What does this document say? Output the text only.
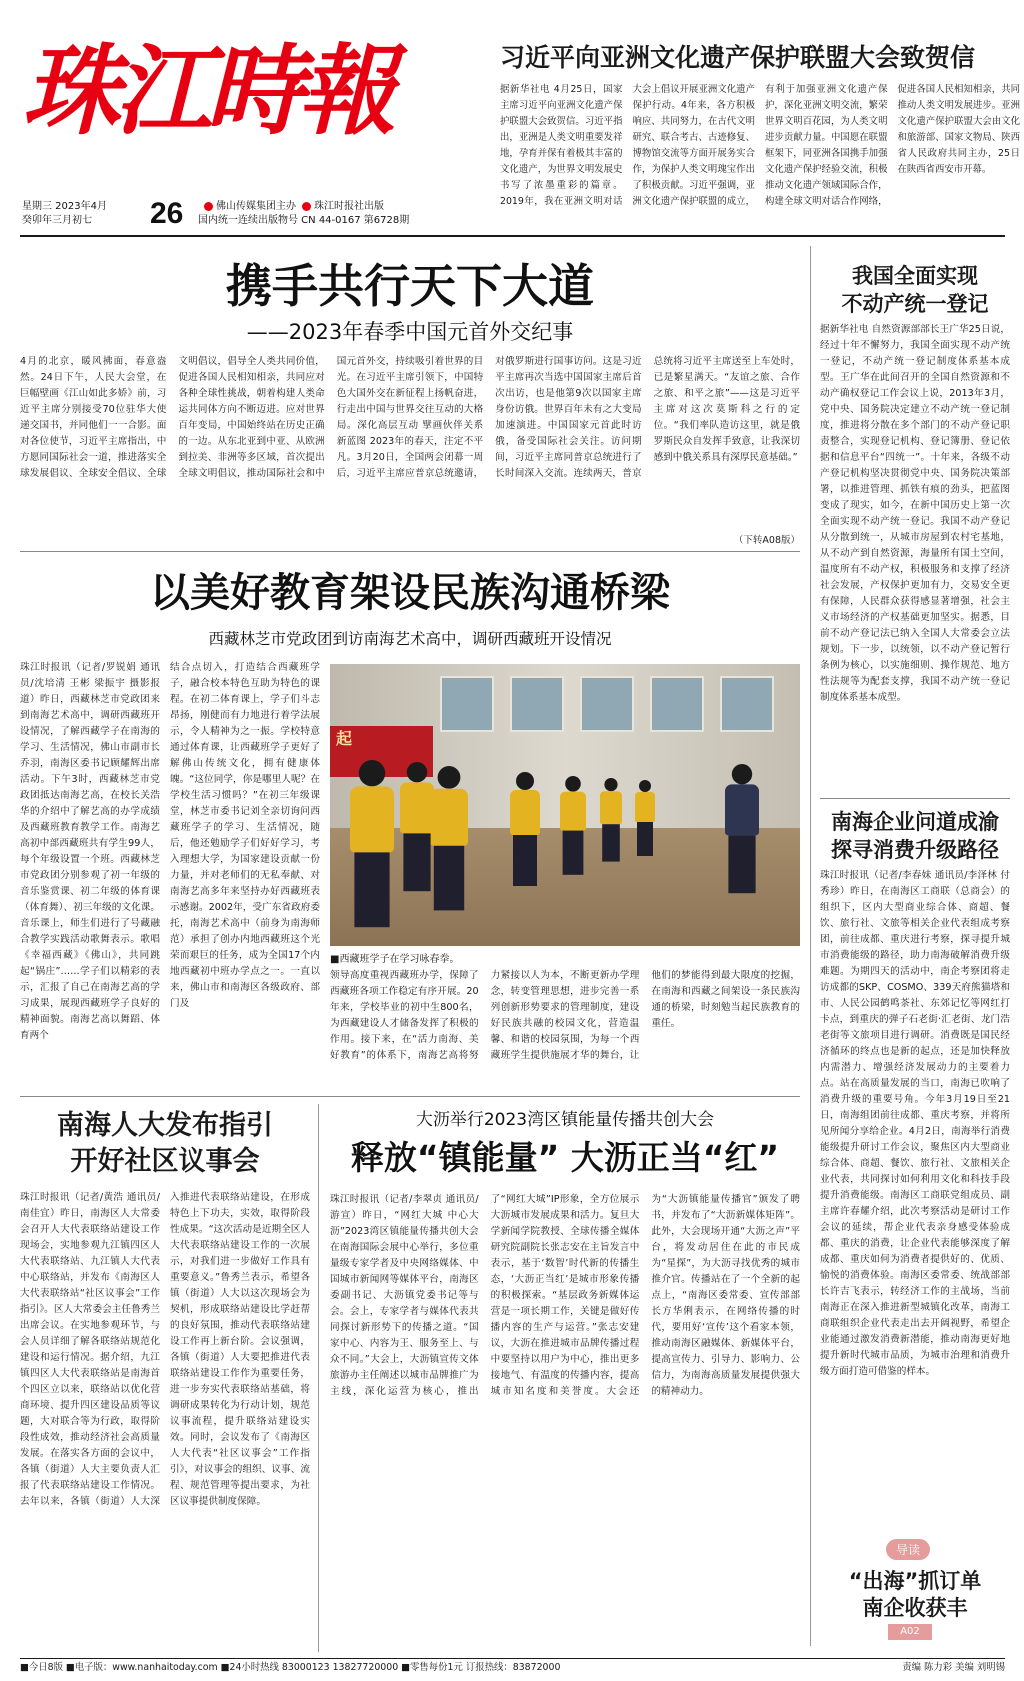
珠江時報
星期三 2023年4月
癸卯年三月初七	26	佛山传媒集团主办 珠江时报社出版
国内统一连续出版物号 CN 44-0167 第6728期
习近平向亚洲文化遗产保护联盟大会致贺信
据新华社电 4月25日，国家主席习近平向亚洲文化遗产保护联盟大会致贺信。习近平指出，亚洲是人类文明重要发祥地，孕育并保有着极其丰富的文化遗产，为世界文明发展史书写了浓墨重彩的篇章。2019年，我在亚洲文明对话大会上倡议开展亚洲文化遗产保护行动。4年来，各方积极响应、共同努力，在古代文明研究、联合考古、古迹修复、博物馆交流等方面开展务实合作，为保护人类文明瑰宝作出了积极贡献。习近平强调，亚洲文化遗产保护联盟的成立，有利于加强亚洲文化遗产保护，深化亚洲文明交流，繁荣世界文明百花园，为人类文明进步贡献力量。中国愿在联盟框架下，同亚洲各国携手加强文化遗产保护经验交流，积极推动文化遗产领域国际合作，构建全球文明对话合作网络，促进各国人民相知相亲，共同推动人类文明发展进步。亚洲文化遗产保护联盟大会由文化和旅游部、国家文物局、陕西省人民政府共同主办，25日在陕西省西安市开幕。
携手共行天下大道
——2023年春季中国元首外交纪事
4月的北京，暖风拂面，春意盎然。24日下午，人民大会堂，在巨幅壁画《江山如此多娇》前，习近平主席分别接受70位驻华大使递交国书，并同他们一一合影。面对各位使节，习近平主席指出，中方愿同国际社会一道，推进落实全球发展倡议、全球安全倡议、全球文明倡议，倡导全人类共同价值，促进各国人民相知相亲，共同应对各种全球性挑战，朝着构建人类命运共同体方向不断迈进。应对世界百年变局，中国始终站在历史正确的一边。从东北亚到中亚、从欧洲到拉美、非洲等多区域，首次提出全球文明倡议，推动国际社会和中国元首外交，持续吸引着世界的目光。在习近平主席引领下，中国特色大国外交在新征程上扬帆奋进，行走出中国与世界交往互动的大格局。深化高层互动 擘画伙伴关系新蓝图 2023年的春天，注定不平凡。3月20日，全国两会闭幕一周后，习近平主席应普京总统邀请，对俄罗斯进行国事访问。这是习近平主席再次当选中国国家主席后首次出访，也是他第9次以国家主席身份访俄。世界百年未有之大变局加速演进。中国国家元首此时访俄，备受国际社会关注。访问期间，习近平主席同普京总统进行了长时间深入交流。连续两天，普京总统将习近平主席送至上车处时，已是繁星满天。“友谊之旅、合作之旅、和平之旅”——这是习近平主席对这次莫斯科之行的定位。“我们率队造访这里，就是俄罗斯民众自发挥手致意，让我深切感到中俄关系具有深厚民意基础。”
（下转A08版）
以美好教育架设民族沟通桥梁
西藏林芝市党政团到访南海艺术高中，调研西藏班开设情况
珠江时报讯（记者/罗锐娟 通讯员/沈培清 王彬 梁振宇 摄影报道）昨日，西藏林芝市党政团来到南海艺术高中，调研西藏班开设情况，了解西藏学子在南海的学习、生活情况，佛山市副市长乔羽，南海区委书记顾耀辉出席活动。下午3时，西藏林芝市党政团抵达南海艺高，在校长关浩华的介绍中了解艺高的办学成绩及西藏班教育教学工作。南海艺高初中部西藏班共有学生99人，每个年级设置一个班。西藏林芝市党政团分别参观了初一年级的音乐鉴赏课、初二年级的体育课（体育舞）、初三年级的文化课。音乐课上，师生们进行了号藏融合教学实践活动歌舞表示。歌唱《幸福西藏》《佛山》，共同跳起“锅庄”……学子们以精彩的表示，汇报了自己在南海艺高的学习成果，展现西藏班学子良好的精神面貌。南海艺高以舞蹈、体育两个
结合点切入，打造结合西藏班学子，融合校本特色互助为特色的课程。在初二体育课上，学子们斗志昂扬，刚健而有力地进行着学法展示，令人精神为之一振。学校特意通过体育课，让西藏班学子更好了解佛山传统文化，拥有健康体魄。“这位同学，你是哪里人呢？在学校生活习惯吗？”在初三年级课堂，林芝市委书记刘全亲切询问西藏班学子的学习、生活情况，随后，他还勉励学子们好好学习，考入理想大学，为国家建设贡献一份力量，并对老师们的无私奉献、对南海艺高多年来坚持办好西藏班表示感谢。2002年，受广东省政府委托，南海艺术高中（前身为南海师范）承担了创办内地西藏班这个光荣而艰巨的任务，成为全国17个内地西藏初中班办学点之一。一直以来，佛山市和南海区各级政府、部门及
起
■西藏班学子在学习咏春拳。
领导高度重视西藏班办学，保障了西藏班各项工作稳定有序开展。20年来，学校毕业的初中生800名，为西藏建设人才储备发挥了积极的作用。接下来，在“活力南海、美好教育”的体系下，南海艺高将努力紧接以人为本，不断更新办学理念，转变管理思想，进步完善一系列创新形势要求的管理制度，建设好民族共融的校园文化，营造温馨、和谐的校园氛围，为每一个西藏班学生提供施展才华的舞台，让他们的梦能得到最大限度的挖掘，在南海和西藏之间架设一条民族沟通的桥梁，时刻勉当起民族教育的重任。
我国全面实现
不动产统一登记
据新华社电 自然资源部部长王广华25日说，经过十年不懈努力，我国全面实现不动产统一登记，不动产统一登记制度体系基本成型。王广华在此间召开的全国自然资源和不动产确权登记工作会议上说，2013年3月，党中央、国务院决定建立不动产统一登记制度，推进将分散在多个部门的不动产登记职责整合，实现登记机构、登记簿册、登记依据和信息平台“四统一”。十年来，各级不动产登记机构坚决贯彻党中央、国务院决策部署，以推进管理、抓铁有痕的劲头，把蓝图变成了现实，如今，在新中国历史上第一次全面实现不动产统一登记。我国不动产登记从分散到统一，从城市房屋到农村宅基地，从不动产到自然资源，海量所有国土空间，温度所有不动产权，积极服务和支撑了经济社会发展，产权保护更加有力，交易安全更有保障，人民群众获得感显著增强，社会主义市场经济的产权基础更加坚实。据悉，目前不动产登记法已纳入全国人大常委会立法规划。下一步，以统领，以不动产登记暂行条例为核心，以实施细则、操作规范、地方性法规等为配套支撑，我国不动产统一登记制度体系基本成型。
南海企业问道成渝
探寻消费升级路径
珠江时报讯（记者/李春妹 通讯员/李泽林 付秀珍）昨日，在南海区工商联（总商会）的组织下，区内大型商业综合体、商超、餐饮、旅行社、文旅等相关企业代表组成考察团，前往成都、重庆进行考察，探寻提升城市消费能级的路径，助力南海破解消费升级难题。为期四天的活动中，南企考察团将走访成都的SKP、COSMO、339天府熊猫塔和市、人民公园鹤鸣茶社、东郊记忆等网红打卡点，到重庆的弹子石老街·汇老街、龙门浩老街等文旅项目进行调研。消费既是国民经济循环的终点也是新的起点，还是加快释放内需潜力、增强经济发展动力的主要着力点。站在高质量发展的当口，南海已吹响了消费升级的重要号角。今年3月19日至21日，南海组团前往成都、重庆考察，并将所见所闻分享给企业。4月2日，南海举行消费能级提升研讨工作会议，聚焦区内大型商业综合体、商超、餐饮、旅行社、文旅相关企业代表，共同探讨如何利用文化和科技手段提升消费能级。南海区工商联党组成员、副主席许春耀介绍，此次考察活动是研讨工作会议的延续，帮企业代表亲身感受体验成都、重庆的消费，让企业代表能够深度了解成都、重庆如何为消费者提供好的、优质、愉悦的消费体验。南海区委常委、统战部部长许吉飞表示，转经济工作的主战场，当前南海正在深入推进新型城镇化改革，南海工商联组织企业代表走出去开阔视野，希望企业能通过激发消费新潜能，推动南海更好地提升新时代城市品质，为城市治理和消费升级方面打造可借鉴的样本。
导读
“出海”抓订单
南企收获丰
A02
南海人大发布指引
开好社区议事会
珠江时报讯（记者/黄浩 通讯员/南佳宜）昨日，南海区人大常委会召开人大代表联络站建设工作现场会，实地参观九江镇四区人大代表联络站、九江镇人大代表中心联络站，并发布《南海区人大代表联络站“社区议事会”工作指引》。区人大常委会主任鲁秀兰出席会议。在实地参观环节，与会人员详细了解各联络站规范化建设和运行情况。据介绍，九江镇四区人大代表联络站是南海首个四区立以来，联络站以优化营商环境、提升四区建设品质等议题，大对联合等为行政，取得阶段性成效，推动经济社会高质量发展。在落实各方面的会议中，各镇（街道）人大主要负责人汇报了代表联络站建设工作情况。去年以来，各镇（街道）人大深入推进代表联络站建设，在形成特色上下功夫，实效，取得阶段性成果。“这次活动是近期全区人大代表联络站建设工作的一次展示，对我们进一步做好工作具有重要意义。”鲁秀兰表示，希望各镇（街道）人大以这次现场会为契机，形成联络站建设比学赶帮的良好氛围，推动代表联络站建设工作再上新台阶。会议强调，各镇（街道）人大要把推进代表联络站建设工作作为重要任务，进一步夯实代表联络站基础，将调研成果转化为行动计划，规范议事流程，提升联络站建设实效。同时，会议发布了《南海区人大代表“社区议事会”工作指引》，对议事会的组织、议事、流程、规范管理等提出要求，为社区议事提供制度保障。
大沥举行2023湾区镇能量传播共创大会
释放“镇能量” 大沥正当“红”
珠江时报讯（记者/李翠贞 通讯员/游宣）昨日，“网红大城 中心大沥”2023湾区镇能量传播共创大会在南海国际会展中心举行，多位重量级专家学者及中央网络媒体、中国城市新闻网等媒体平台，南海区委副书记、大沥镇党委书记等与会。会上，专家学者与媒体代表共同探讨新形势下的传播之道。“国家中心、内容为王、服务至上、与众不同。”大会上，大沥镇宣传文体旅游办主任阐述以城市品牌推广为主线，深化运营为核心，推出了“网红大城”IP形象，全方位展示大沥城市发展成果和活力。复旦大学新闻学院教授、全球传播全媒体研究院副院长张志安在主旨发言中表示，基于‘数智’时代新的传播生态，‘大沥正当红’是城市形象传播的积极探索。“基层政务新媒体运营是一项长期工作，关键是做好传播内容的生产与运营。”张志安建议，大沥在推进城市品牌传播过程中要坚持以用户为中心，推出更多接地气、有温度的传播内容，提高城市知名度和美誉度。大会还为“大沥镇能量传播官”颁发了聘书，并发布了“大沥新媒体矩阵”。此外，大会现场开通“大沥之声”平台，将发动居住在此的市民成为“星探”，为大沥寻找优秀的城市推介官。传播站在了一个全新的起点上，“南海区委常委、宣传部部长方华俐表示，在网络传播的时代，要用好‘宣传’这个看家本领，推动南海区融媒体、新媒体平台，提高宣传力、引导力、影响力、公信力，为南海高质量发展提供强大的精神动力。
■今日8版 ■电子版：www.nanhaitoday.com ■24小时热线 83000123 13827720000 ■零售每份1元 订报热线：83872000	责编 陈力彩 美编 刘明锡
